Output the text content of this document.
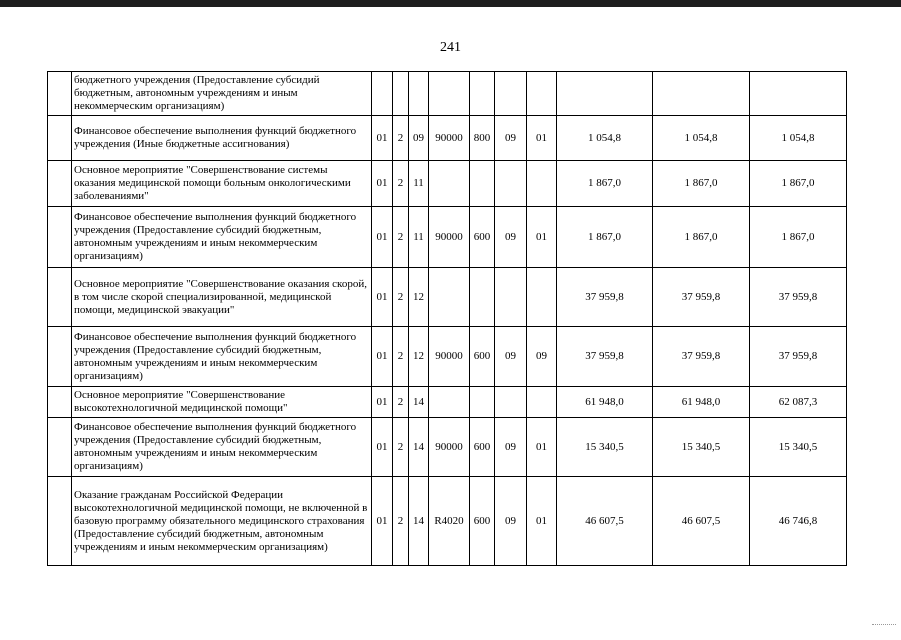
241
	бюджетного учреждения (Предоставление субсидий бюджетным, автономным учреждениям и иным некоммерческим организациям)										
	Финансовое обеспечение выполнения функций бюджетного учреждения (Иные бюджетные ассигнования)	01	2	09	90000	800	09	01	1 054,8	1 054,8	1 054,8
	Основное мероприятие "Совершенствование системы оказания медицинской помощи больным онкологическими заболеваниями"	01	2	11					1 867,0	1 867,0	1 867,0
	Финансовое обеспечение выполнения функций бюджетного учреждения (Предоставление субсидий бюджетным, автономным учреждениям и иным некоммерческим организациям)	01	2	11	90000	600	09	01	1 867,0	1 867,0	1 867,0
	Основное мероприятие "Совершенствование оказания скорой, в том числе скорой специализированной, медицинской помощи, медицинской эвакуации"	01	2	12					37 959,8	37 959,8	37 959,8
	Финансовое обеспечение выполнения функций бюджетного учреждения (Предоставление субсидий бюджетным, автономным учреждениям и иным некоммерческим организациям)	01	2	12	90000	600	09	09	37 959,8	37 959,8	37 959,8
	Основное мероприятие "Совершенствование высокотехнологичной медицинской помощи"	01	2	14					61 948,0	61 948,0	62 087,3
	Финансовое обеспечение выполнения функций бюджетного учреждения (Предоставление субсидий бюджетным, автономным учреждениям и иным некоммерческим организациям)	01	2	14	90000	600	09	01	15 340,5	15 340,5	15 340,5
	Оказание гражданам Российской Федерации высокотехнологичной медицинской помощи, не включенной в базовую программу обязательного медицинского страхования (Предоставление субсидий бюджетным, автономным учреждениям и иным некоммерческим организациям)	01	2	14	R4020	600	09	01	46 607,5	46 607,5	46 746,8
